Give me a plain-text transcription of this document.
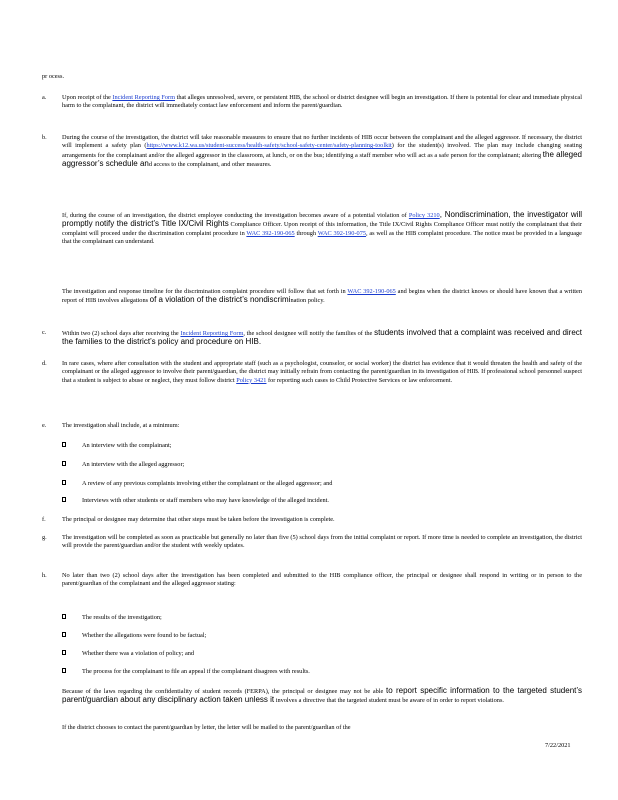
pr ocess.
a. Upon receipt of the Incident Reporting Form that alleges unresolved, severe, or persistent HIB, the school or district designee will begin an investigation. If there is potential for clear and immediate physical harm to the complainant, the district will immediately contact law enforcement and inform the parent/guardian.
b. During the course of the investigation, the district will take reasonable measures to ensure that no further incidents of HIB occur between the complainant and the alleged aggressor. If necessary, the district will implement a safety plan (https://www.k12.wa.us/student-success/health-safety/school-safety-center/safety-planning-toolkit) for the student(s) involved. The plan may include changing seating arrangements for the complainant and/or the alleged aggressor in the classroom, at lunch, or on the bus; identifying a staff member who will act as a safe person for the complainant; altering the alleged aggressor’s schedule and access to the complainant, and other measures.
If, during the course of an investigation, the district employee conducting the investigation becomes aware of a potential violation of Policy 3210, Nondiscrimination, the investigator will promptly notify the district’s Title IX/Civil Rights Compliance Officer. Upon receipt of this information, the Title IX/Civil Rights Compliance Officer must notify the complainant that their complaint will proceed under the discrimination complaint procedure in WAC 392-190-065 through WAC 392-190-075, as well as the HIB complaint procedure. The notice must be provided in a language that the complainant can understand.
The investigation and response timeline for the discrimination complaint procedure will follow that set forth in WAC 392-190-065 and begins when the district knows or should have known that a written report of HIB involves allegations of a violation of the district’s nondiscrimination policy.
c. Within two (2) school days after receiving the Incident Reporting Form, the school designee will notify the families of the students involved that a complaint was received and direct the families to the district’s policy and procedure on HIB.
d. In rare cases, where after consultation with the student and appropriate staff (such as a psychologist, counselor, or social worker) the district has evidence that it would threaten the health and safety of the complainant or the alleged aggressor to involve their parent/guardian, the district may initially refrain from contacting the parent/guardian in its investigation of HIB. If professional school personnel suspect that a student is subject to abuse or neglect, they must follow district Policy 3421 for reporting such cases to Child Protective Services or law enforcement.
e. The investigation shall include, at a minimum:
An interview with the complainant;
An interview with the alleged aggressor;
A review of any previous complaints involving either the complainant or the alleged aggressor; and
Interviews with other students or staff members who may have knowledge of the alleged incident.
f.	The principal or designee may determine that other steps must be taken before the investigation is complete.
g. The investigation will be completed as soon as practicable but generally no later than five (5) school days from the initial complaint or report. If more time is needed to complete an investigation, the district will provide the parent/guardian and/or the student with weekly updates.
h. No later than two (2) school days after the investigation has been completed and submitted to the HIB compliance officer, the principal or designee shall respond in writing or in person to the parent/guardian of the complainant and the alleged aggressor stating:
The results of the investigation;
Whether the allegations were found to be factual;
Whether there was a violation of policy; and
The process for the complainant to file an appeal if the complainant disagrees with results.
Because of the laws regarding the confidentiality of student records (FERPA), the principal or designee may not be able to report specific information to the targeted student’s parent/guardian about any disciplinary action taken unless it involves a directive that the targeted student must be aware of in order to report violations.
If the district chooses to contact the parent/guardian by letter, the letter will be mailed to the parent/guardian of the
7/22/2021
